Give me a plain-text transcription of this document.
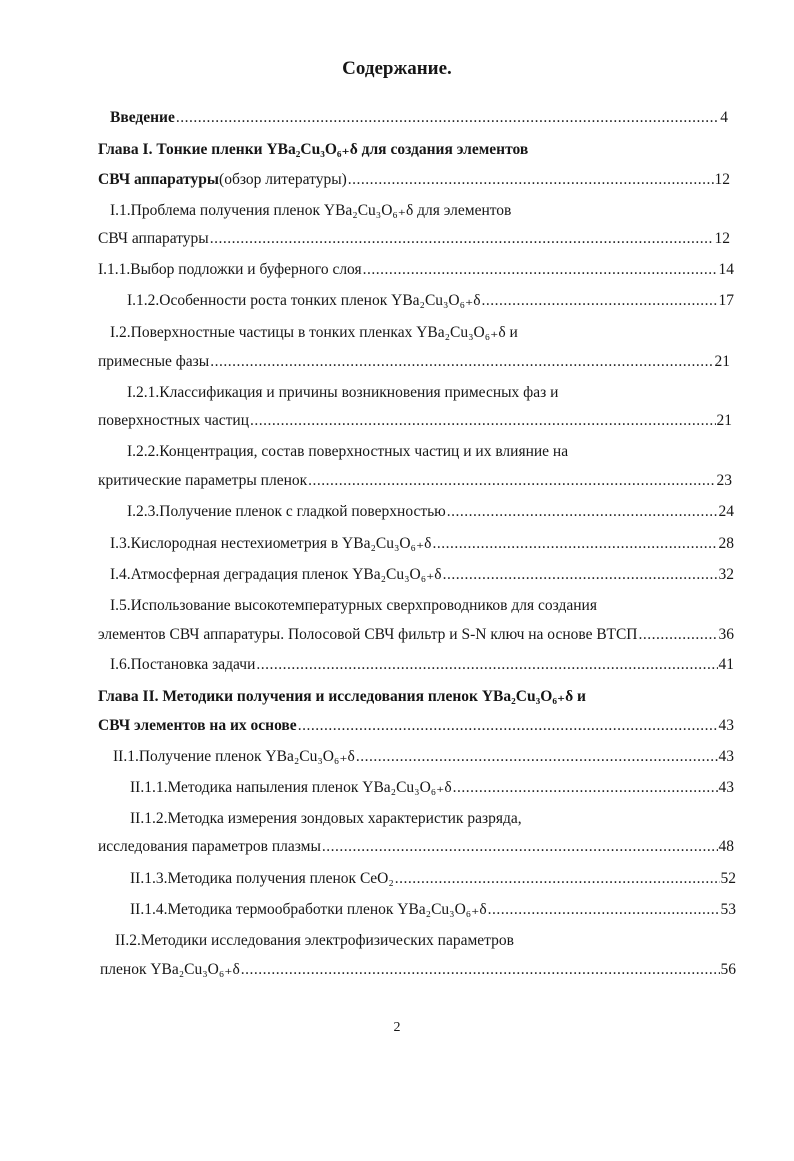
Содержание.
Введение .....	4
Глава I. Тонкие пленки YBa₂Cu₃O₆₊δ для создания элементов
СВЧ аппаратуры (обзор литературы) .....	12
I.1.Проблема получения пленок YBa₂Cu₃O₆₊δ для элементов
СВЧ аппаратуры .....	12
I.1.1.Выбор подложки и буферного слоя .....	14
I.1.2.Особенности роста тонких пленок YBa₂Cu₃O₆₊δ .....	17
I.2.Поверхностные частицы в тонких пленках YBa₂Cu₃O₆₊δ и
примесные фазы .....	21
I.2.1.Классификация и причины возникновения примесных фаз и
поверхностных частиц .....	21
I.2.2.Концентрация, состав поверхностных частиц и их влияние на
критические параметры пленок .....	23
I.2.3.Получение пленок с гладкой поверхностью .....	24
I.3.Кислородная нестехиометрия в YBa₂Cu₃O₆₊δ .....	28
I.4.Атмосферная деградация пленок YBa₂Cu₃O₆₊δ .....	32
I.5.Использование высокотемпературных сверхпроводников для создания
элементов СВЧ аппаратуры. Полосовой СВЧ фильтр и S-N ключ на основе ВТСП .....	36
I.6.Постановка задачи .....	41
Глава II. Методики получения и исследования пленок YBa₂Cu₃O₆₊δ и
СВЧ элементов на их основе .....	43
II.1.Получение пленок YBa₂Cu₃O₆₊δ .....	43
II.1.1.Методика напыления пленок YBa₂Cu₃O₆₊δ .....	43
II.1.2.Методка измерения зондовых характеристик разряда,
исследования параметров плазмы .....	48
II.1.3.Методика получения пленок CeO₂ .....	52
II.1.4.Методика термообработки пленок YBa₂Cu₃O₆₊δ .....	53
II.2.Методики исследования электрофизических параметров
пленок YBa₂Cu₃O₆₊δ .....	56
2
